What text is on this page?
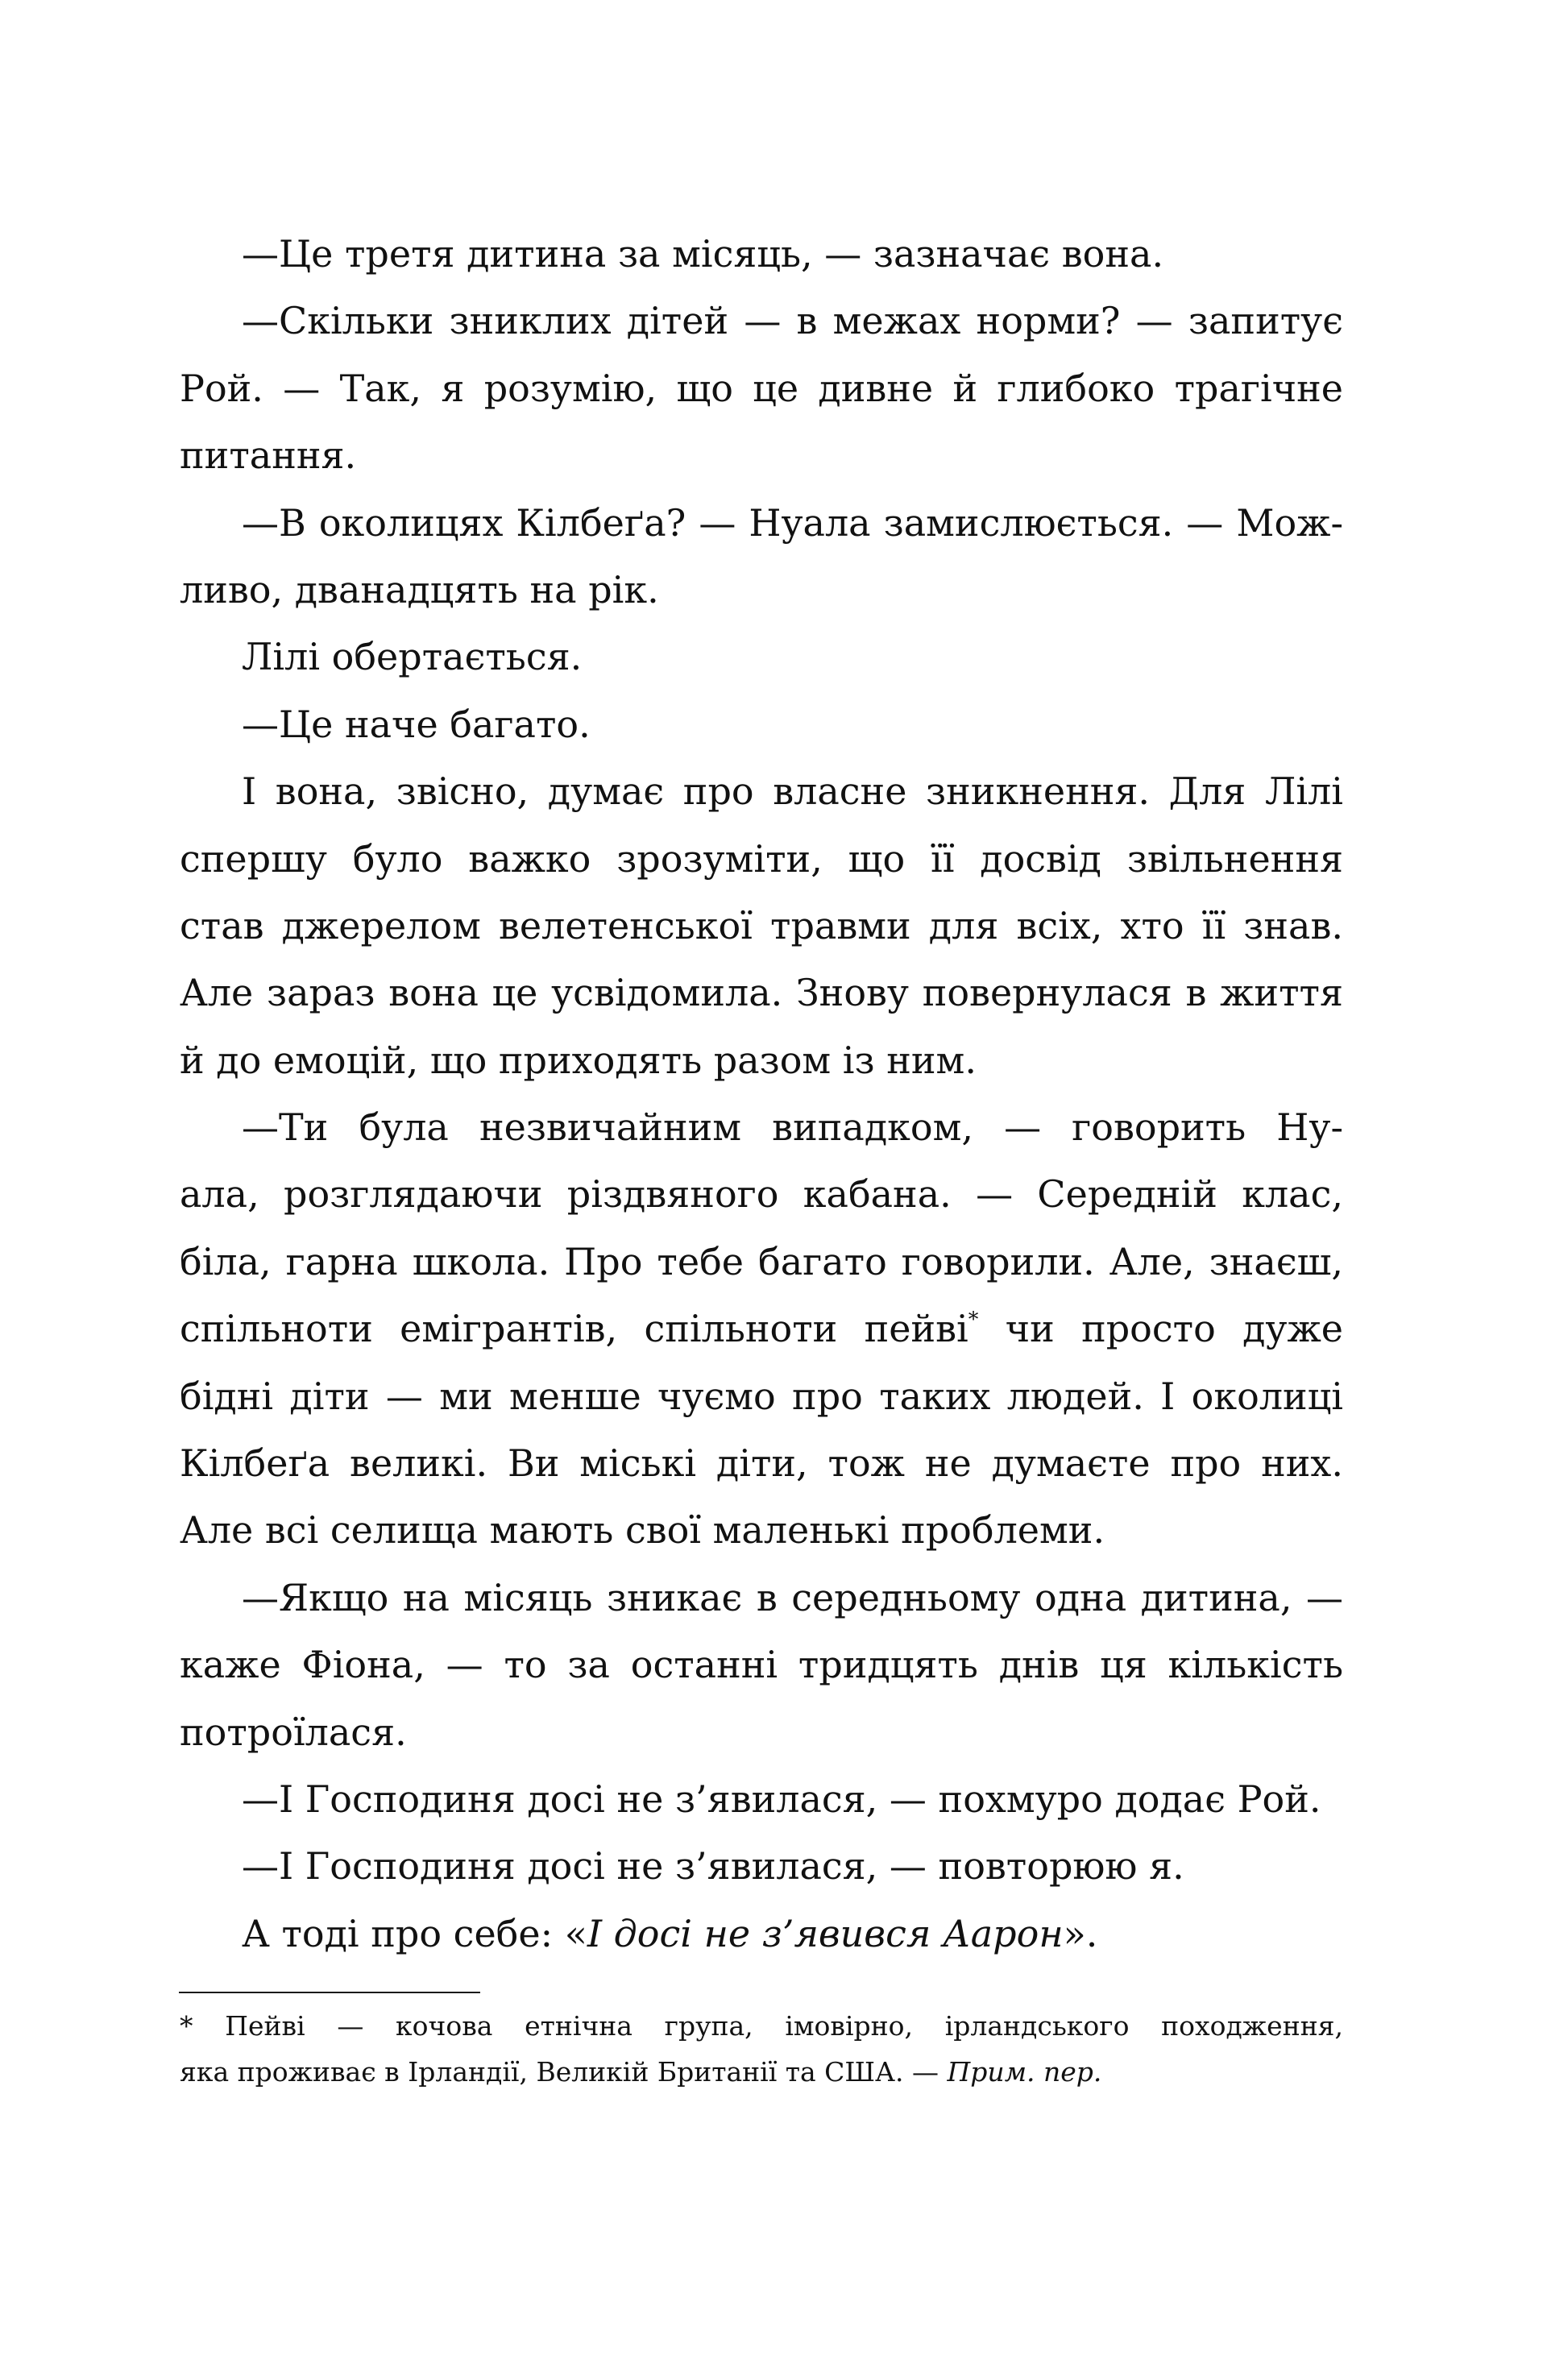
—Це третя дитина за місяць, — зазначає вона.
—Скільки зниклих дітей — в межах норми? — запитує
Рой. — Так, я розумію, що це дивне й глибоко трагічне
питання.
—В околицях Кілбеґа? — Нуала замислюється. — Мож-
ливо, дванадцять на рік.
Лілі обертається.
—Це наче багато.
І вона, звісно, думає про власне зникнення. Для Лілі
спершу було важко зрозуміти, що її досвід звільнення
став джерелом велетенської травми для всіх, хто її знав.
Але зараз вона це усвідомила. Знову повернулася в життя
й до емоцій, що приходять разом із ним.
—Ти була незвичайним випадком, — говорить Ну-
ала, розглядаючи різдвяного кабана. — Середній клас,
біла, гарна школа. Про тебе багато говорили. Але, знаєш,
спільноти емігрантів, спільноти пейві* чи просто дуже
бідні діти — ми менше чуємо про таких людей. І околиці
Кілбеґа великі. Ви міські діти, тож не думаєте про них.
Але всі селища мають свої маленькі проблеми.
—Якщо на місяць зникає в середньому одна дитина, —
каже Фіона, — то за останні тридцять днів ця кількість
потроїлася.
—І Господиня досі не з’явилася, — похмуро додає Рой.
—І Господиня досі не з’явилася, — повторюю я.
А тоді про себе: «І досі не з’явився Аарон».
* Пейві — кочова етнічна група, імовірно, ірландського походження,
яка проживає в Ірландії, Великій Британії та США. — Прим. пер.
